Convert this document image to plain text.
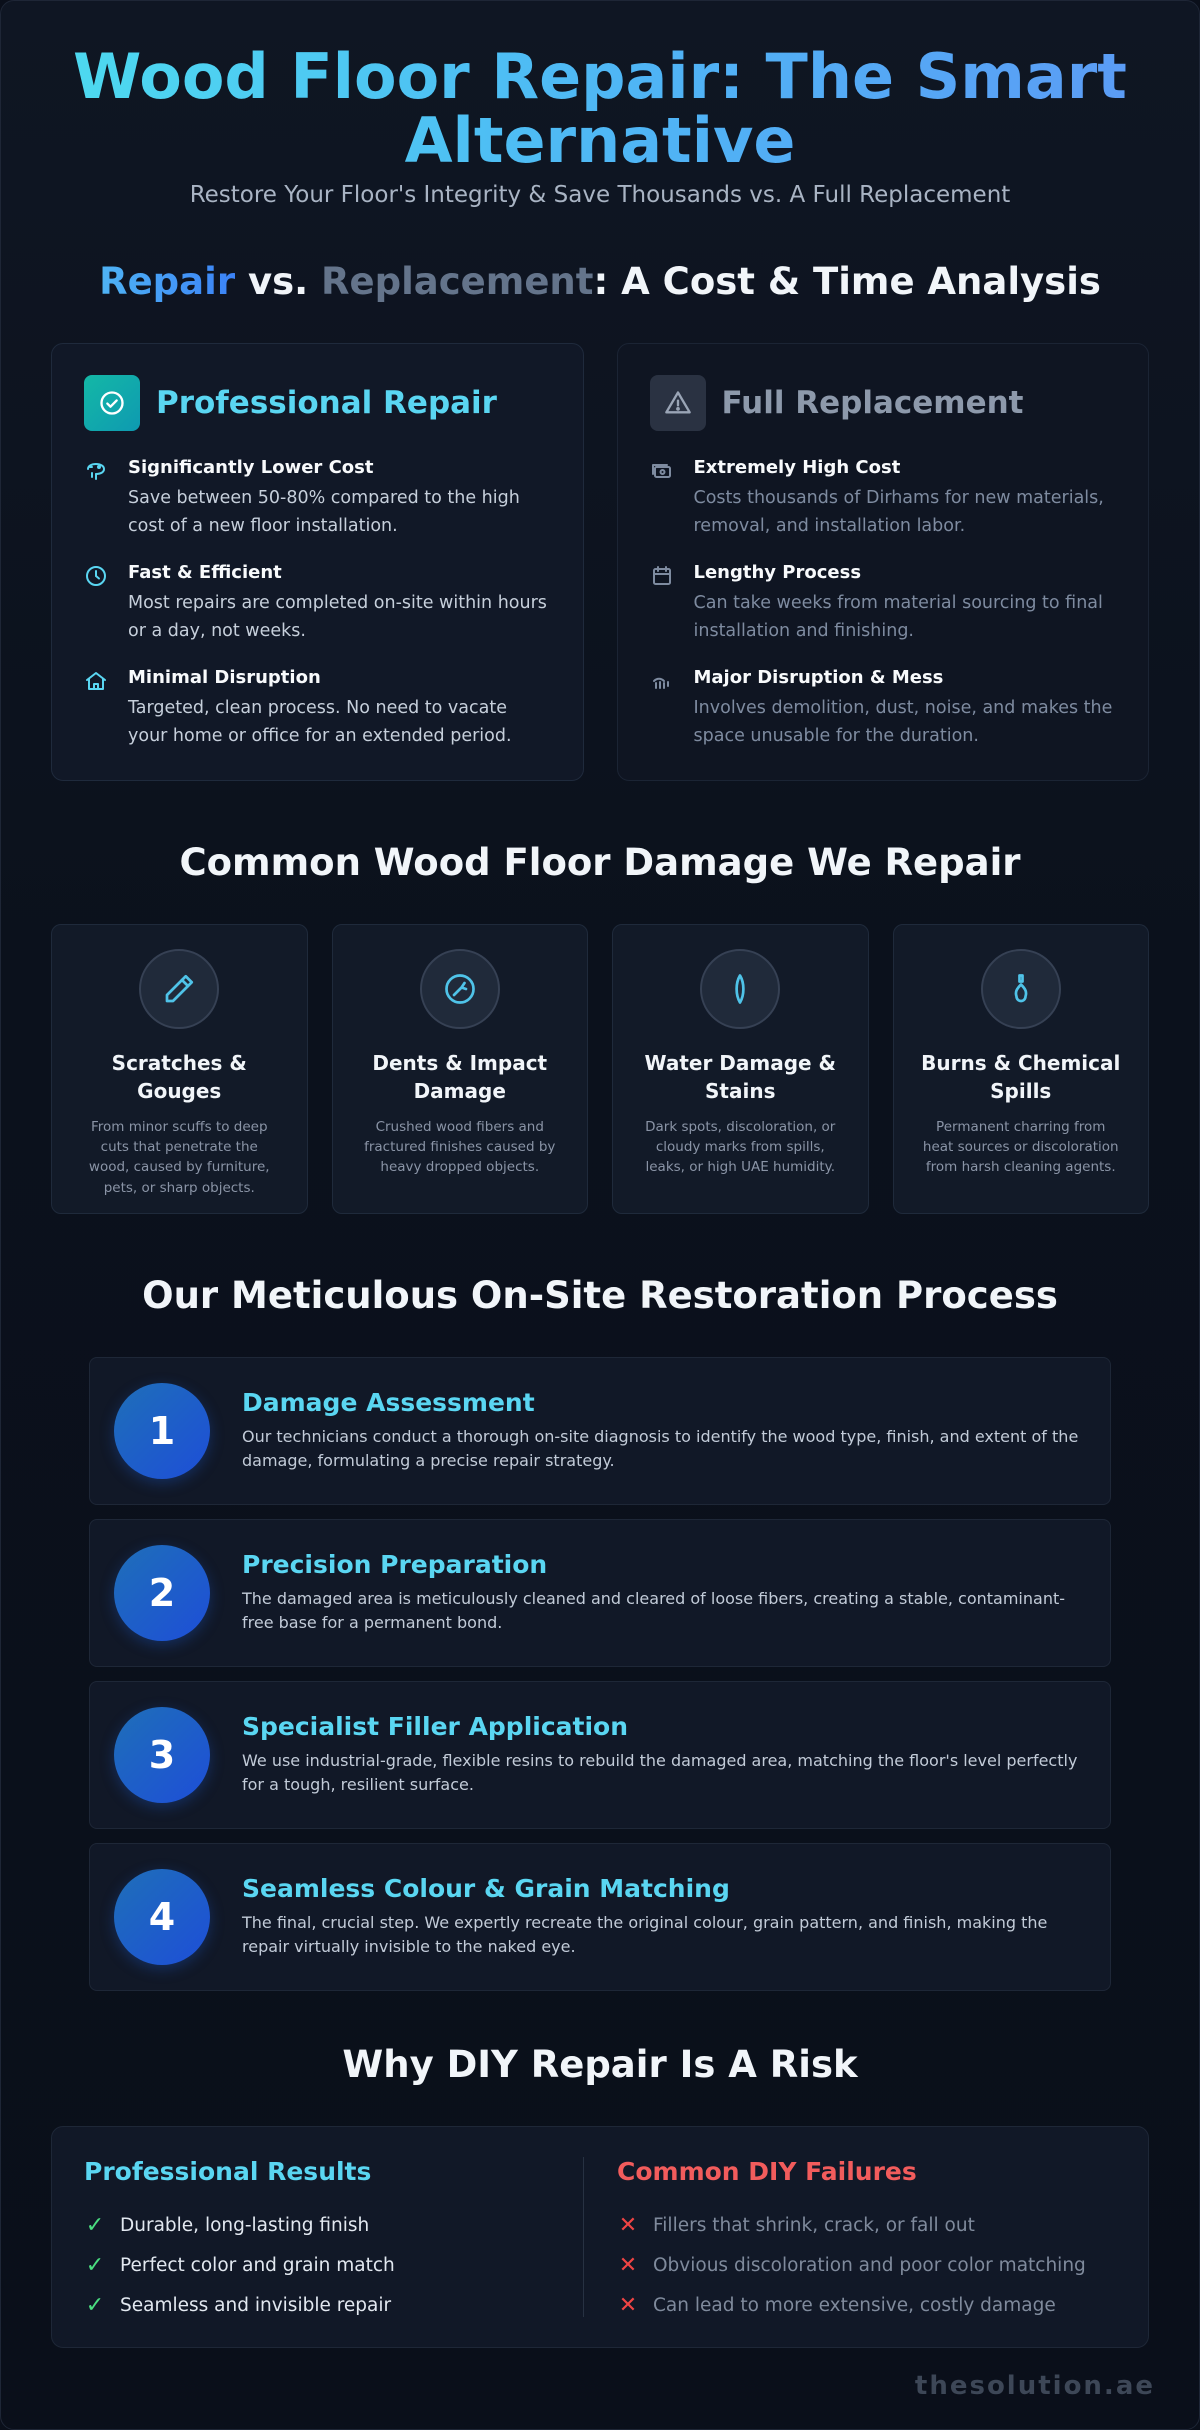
Wood Floor Repair: The Smart Alternative

Restore Your Floor's Integrity & Save Thousands vs. A Full Replacement

Repair vs. Replacement: A Cost & Time Analysis
Professional Repair
Significantly Lower Cost
Save between 50-80% compared to the high cost of a new floor installation.
Fast & Efficient
Most repairs are completed on-site within hours or a day, not weeks.
Minimal Disruption
Targeted, clean process. No need to vacate your home or office for an extended period.
Full Replacement
Extremely High Cost
Costs thousands of Dirhams for new materials, removal, and installation labor.
Lengthy Process
Can take weeks from material sourcing to final installation and finishing.
Major Disruption & Mess
Involves demolition, dust, noise, and makes the space unusable for the duration.
Common Wood Floor Damage We Repair
Scratches & Gouges
From minor scuffs to deep cuts that penetrate the wood, caused by furniture, pets, or sharp objects.
Dents & Impact Damage
Crushed wood fibers and fractured finishes caused by heavy dropped objects.
Water Damage & Stains
Dark spots, discoloration, or cloudy marks from spills, leaks, or high UAE humidity.
Burns & Chemical Spills
Permanent charring from heat sources or discoloration from harsh cleaning agents.
Our Meticulous On-Site Restoration Process
1
Damage Assessment
Our technicians conduct a thorough on-site diagnosis to identify the wood type, finish, and extent of the damage, formulating a precise repair strategy.
2
Precision Preparation
The damaged area is meticulously cleaned and cleared of loose fibers, creating a stable, contaminant-free base for a permanent bond.
3
Specialist Filler Application
We use industrial-grade, flexible resins to rebuild the damaged area, matching the floor's level perfectly for a tough, resilient surface.
4
Seamless Colour & Grain Matching
The final, crucial step. We expertly recreate the original colour, grain pattern, and finish, making the repair virtually invisible to the naked eye.
Why DIY Repair Is A Risk
Professional Results
✓ Durable, long-lasting finish
✓ Perfect color and grain match
✓ Seamless and invisible repair
Common DIY Failures
✕ Fillers that shrink, crack, or fall out
✕ Obvious discoloration and poor color matching
✕ Can lead to more extensive, costly damage
thesolution.ae
